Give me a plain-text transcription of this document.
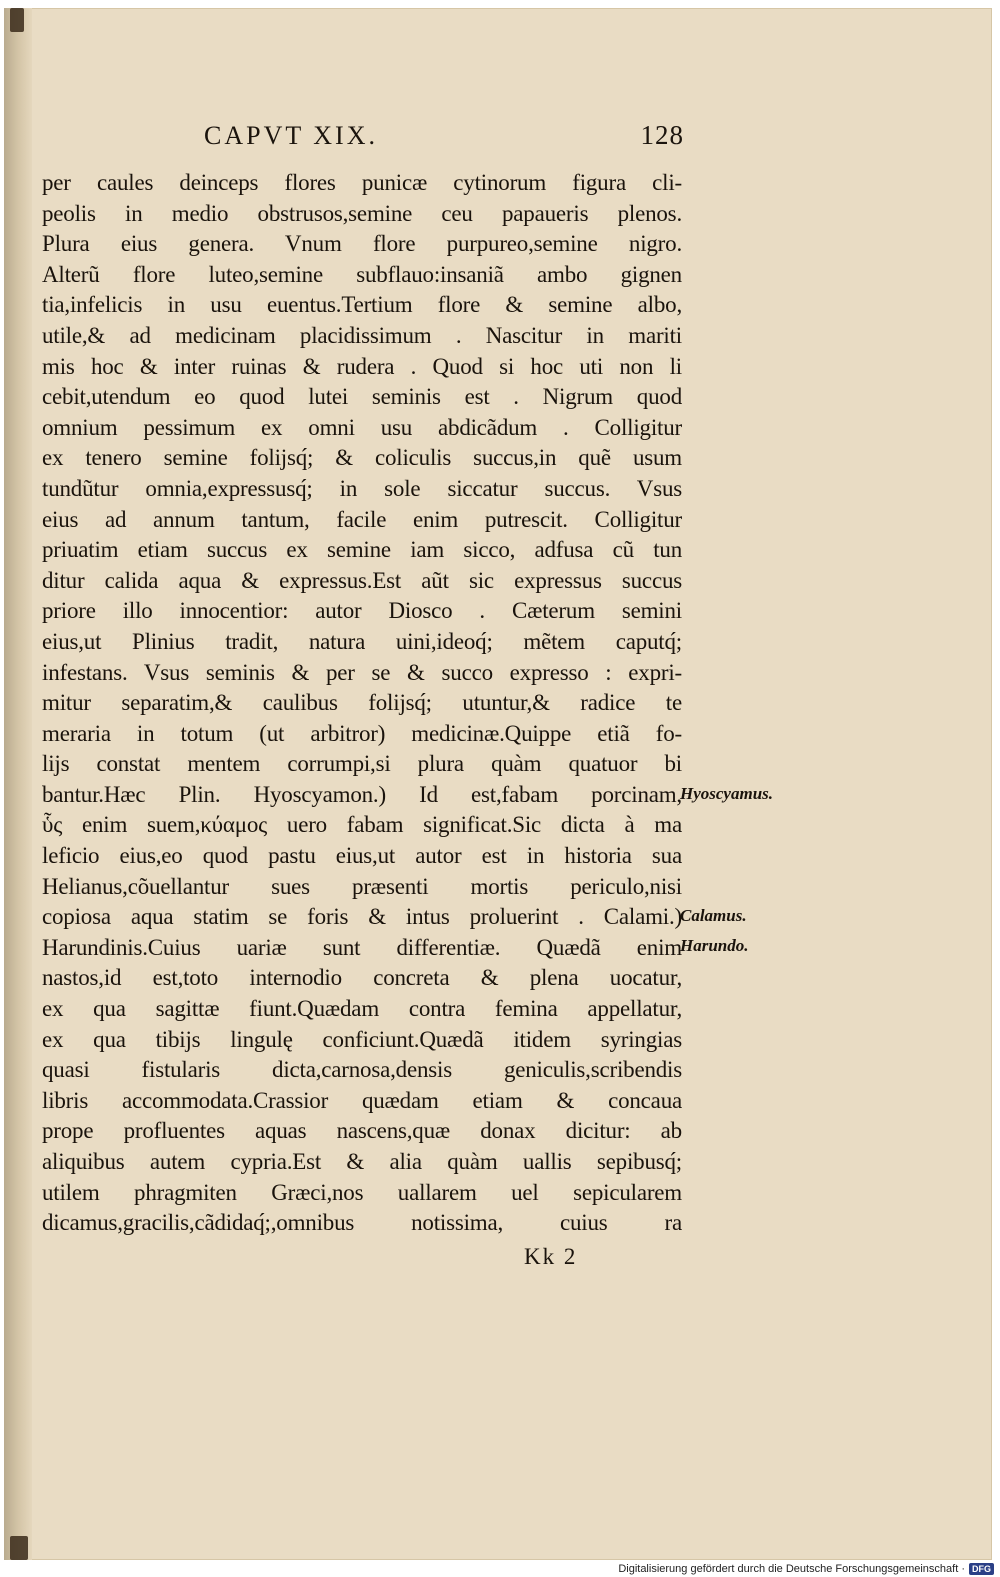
CAPVT XIX.	128
per caules deinceps flores punicæ cytinorum figura cli-
peolis in medio obstrusos,semine ceu papaueris plenos.
Plura eius genera. Vnum flore purpureo,semine nigro.
Alterũ flore luteo,semine subflauo:insaniã ambo gignen
tia,infelicis in usu euentus.Tertium flore & semine albo,
utile,& ad medicinam placidissimum . Nascitur in mariti
mis hoc & inter ruinas & rudera . Quod si hoc uti non li
cebit,utendum eo quod lutei seminis est . Nigrum quod
omnium pessimum ex omni usu abdicãdum . Colligitur
ex tenero semine folijsq́; & coliculis succus,in quẽ usum
tundũtur omnia,expressusq́; in sole siccatur succus. Vsus
eius ad annum tantum, facile enim putrescit. Colligitur
priuatim etiam succus ex semine iam sicco, adfusa cũ tun
ditur calida aqua & expressus.Est aũt sic expressus succus
priore illo innocentior: autor Diosco . Cæterum semini
eius,ut Plinius tradit, natura uini,ideoq́; mẽtem caputq́;
infestans. Vsus seminis & per se & succo expresso : expri-
mitur separatim,& caulibus folijsq́; utuntur,& radice te
meraria in totum (ut arbitror) medicinæ.Quippe etiã fo-
lijs constat mentem corrumpi,si plura quàm quatuor bi
bantur.Hæc Plin. Hyoscyamon.) Id est,fabam porcinam,
ὗς enim suem,κύαμος uero fabam significat.Sic dicta à ma
leficio eius,eo quod pastu eius,ut autor est in historia sua
Helianus,cõuellantur sues præsenti mortis periculo,nisi
copiosa aqua statim se foris & intus proluerint . Calami.)
Harundinis.Cuius uariæ sunt differentiæ. Quædã enim
nastos,id est,toto internodio concreta & plena uocatur,
ex qua sagittæ fiunt.Quædam contra femina appellatur,
ex qua tibijs lingulę conficiunt.Quædã itidem syringias
quasi fistularis dicta,carnosa,densis geniculis,scribendis
libris accommodata.Crassior quædam etiam & concaua
prope profluentes aquas nascens,quæ donax dicitur: ab
aliquibus autem cypria.Est & alia quàm uallis sepibusq́;
utilem phragmiten Græci,nos uallarem uel sepicularem
dicamus,gracilis,cãdidaq́;,omnibus notissima, cuius ra
Hyoscyamus.
Calamus.
Harundo.
Kk 2
Digitalisierung gefördert durch die Deutsche Forschungsgemeinschaft · DFG
